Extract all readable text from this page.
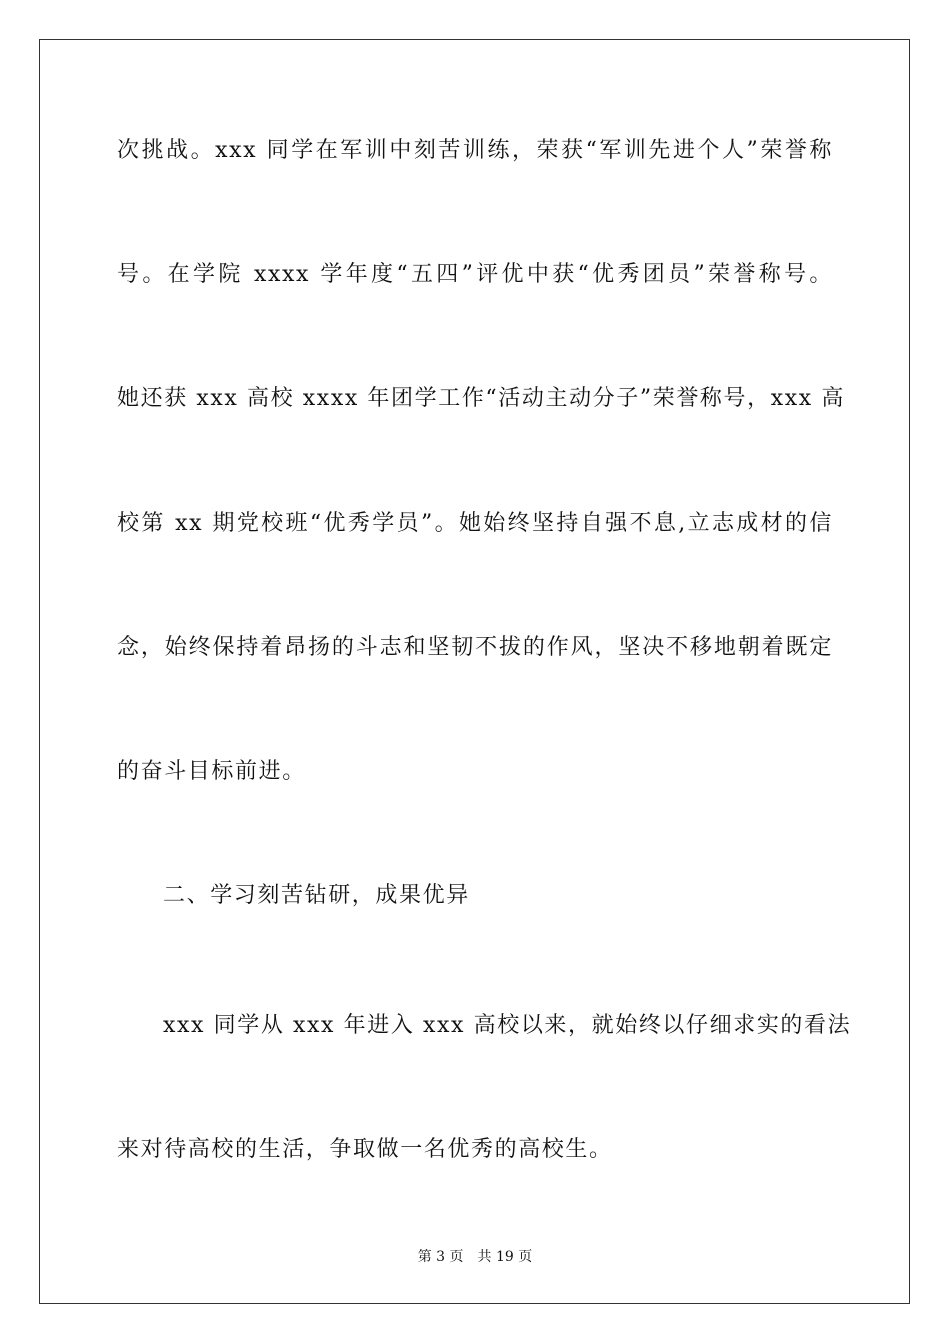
次挑战。xxx 同学在军训中刻苦训练，荣获“军训先进个人”荣誉称
号。在学院 xxxx 学年度“五四”评优中获“优秀团员”荣誉称号。
她还获 xxx 高校 xxxx 年团学工作“活动主动分子”荣誉称号，xxx 高
校第 xx 期党校班“优秀学员”。她始终坚持自强不息,立志成材的信
念，始终保持着昂扬的斗志和坚韧不拔的作风，坚决不移地朝着既定
的奋斗目标前进。
二、学习刻苦钻研，成果优异
xxx 同学从 xxx 年进入 xxx 高校以来，就始终以仔细求实的看法
来对待高校的生活，争取做一名优秀的高校生。
第 3 页 共 19 页
